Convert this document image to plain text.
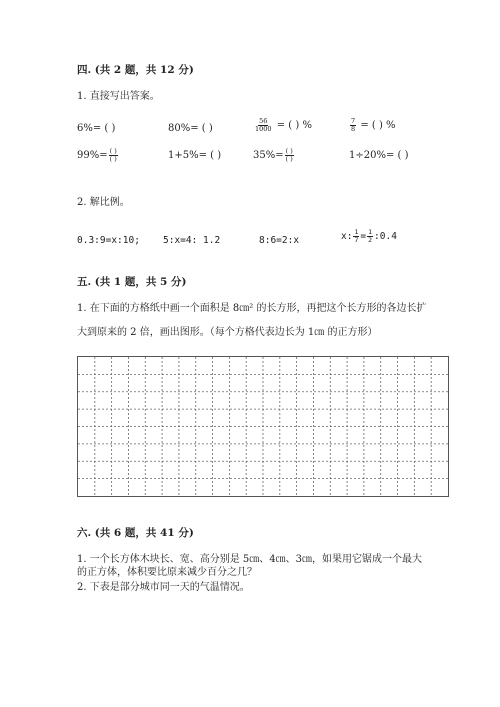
四. (共 2 题，共 12 分)
1. 直接写出答案。
6%= ( )	80%= ( )	$\frac{56}{1000}$ = ( ) %	$\frac{7}{8}$ = ( ) %
$99\%= \frac{( )}{( )}$	1+5%= ( )	$35\%= \frac{( )}{( )}$	1÷20%= ( )
2. 解比例。
0.3:9=x:10; 5:x=4: 1.2	8:6=2:x	x: $\frac{1}{7} = \frac{1}{2}$ :0.4
五. (共 1 题，共 5 分)
1. 在下面的方格纸中画一个面积是 8㎝² 的长方形，再把这个长方形的各边长扩
大到原来的 2 倍，画出图形。（每个方格代表边长为 1㎝ 的正方形）
六. (共 6 题，共 41 分)
1. 一个长方体木块长、宽、高分别是 5㎝、4㎝、3㎝，如果用它锯成一个最大
的正方体，体积要比原来减少百分之几？
2. 下表是部分城市同一天的气温情况。
